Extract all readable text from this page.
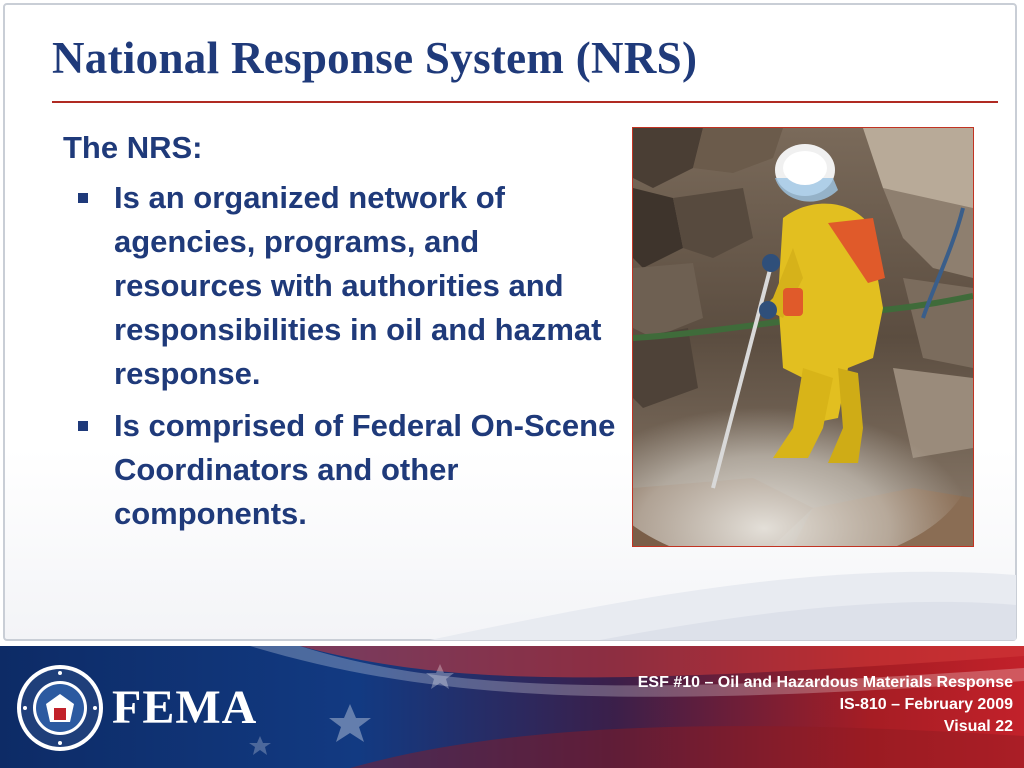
National Response System (NRS)

The NRS:

Is an organized network of agencies, programs, and resources with authorities and responsibilities in oil and hazmat response.
Is comprised of Federal On-Scene Coordinators and other components.
FEMA	ESF #10 – Oil and Hazardous Materials Response
IS-810 – February 2009
Visual 22
